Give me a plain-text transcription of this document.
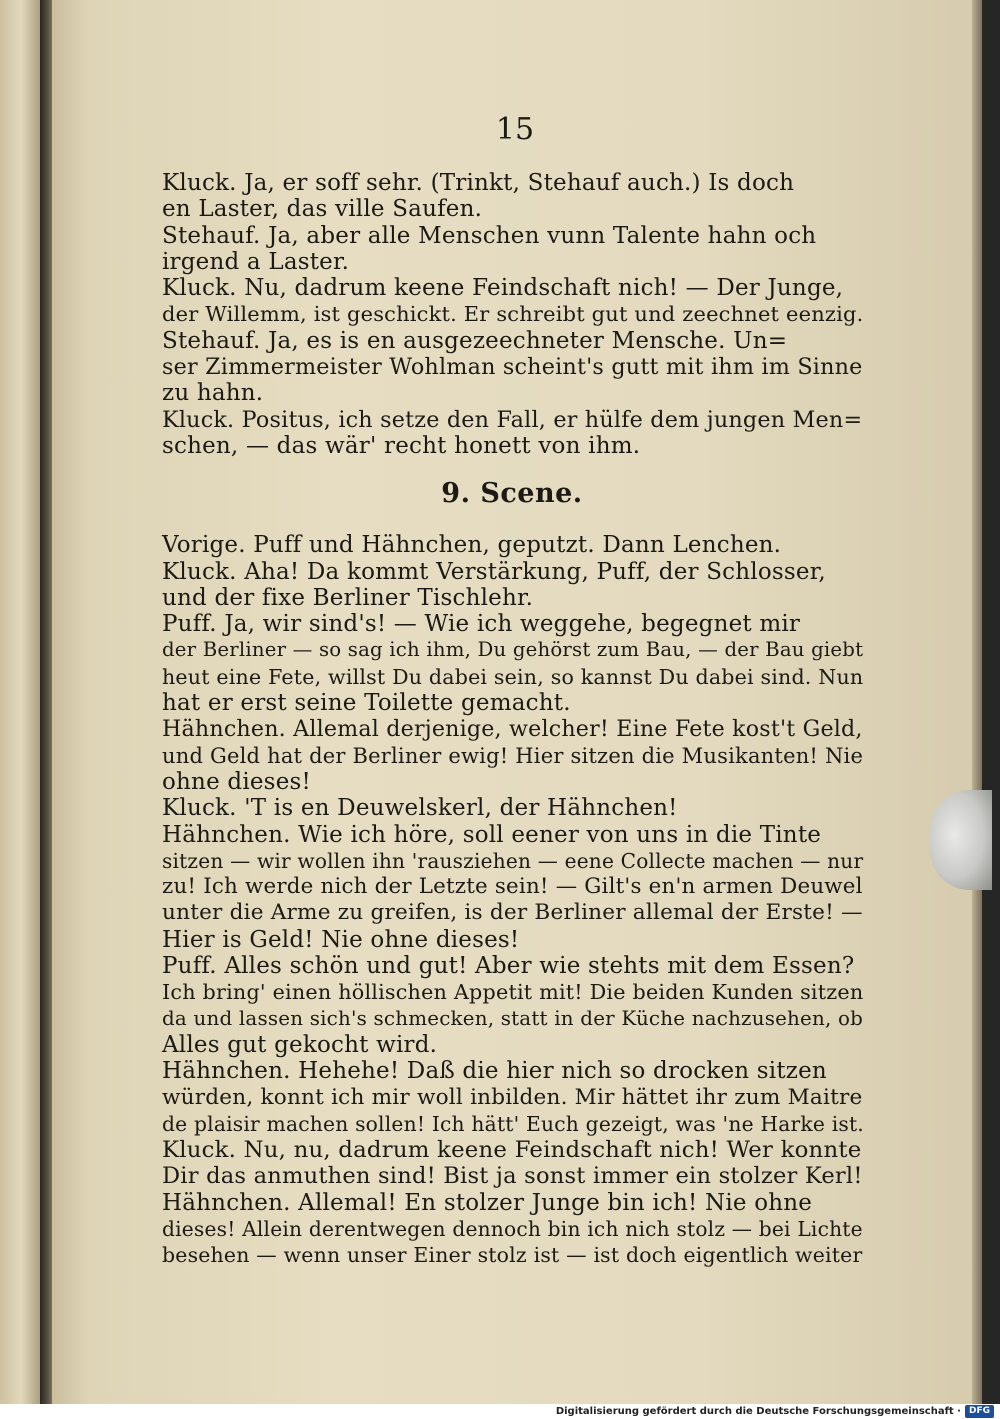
15
Kluck. Ja, er soff sehr. (Trinkt, Stehauf auch.) Is doch
en Laster, das ville Saufen.
Stehauf. Ja, aber alle Menschen vunn Talente hahn och
irgend a Laster.
Kluck. Nu, dadrum keene Feindschaft nich! — Der Junge,
der Willemm, ist geschickt. Er schreibt gut und zeechnet eenzig.
Stehauf. Ja, es is en ausgezeechneter Mensche. Un=
ser Zimmermeister Wohlman scheint's gutt mit ihm im Sinne
zu hahn.
Kluck. Positus, ich setze den Fall, er hülfe dem jungen Men=
schen, — das wär' recht honett von ihm.
9. Scene.
Vorige. Puff und Hähnchen, geputzt. Dann Lenchen.
Kluck. Aha! Da kommt Verstärkung, Puff, der Schlosser,
und der fixe Berliner Tischlehr.
Puff. Ja, wir sind's! — Wie ich weggehe, begegnet mir
der Berliner — so sag ich ihm, Du gehörst zum Bau, — der Bau giebt
heut eine Fete, willst Du dabei sein, so kannst Du dabei sind. Nun
hat er erst seine Toilette gemacht.
Hähnchen. Allemal derjenige, welcher! Eine Fete kost't Geld,
und Geld hat der Berliner ewig! Hier sitzen die Musikanten! Nie
ohne dieses!
Kluck. 'T is en Deuwelskerl, der Hähnchen!
Hähnchen. Wie ich höre, soll eener von uns in die Tinte
sitzen — wir wollen ihn 'rausziehen — eene Collecte machen — nur
zu! Ich werde nich der Letzte sein! — Gilt's en'n armen Deuwel
unter die Arme zu greifen, is der Berliner allemal der Erste! —
Hier is Geld! Nie ohne dieses!
Puff. Alles schön und gut! Aber wie stehts mit dem Essen?
Ich bring' einen höllischen Appetit mit! Die beiden Kunden sitzen
da und lassen sich's schmecken, statt in der Küche nachzusehen, ob
Alles gut gekocht wird.
Hähnchen. Hehehe! Daß die hier nich so drocken sitzen
würden, konnt ich mir woll inbilden. Mir hättet ihr zum Maitre
de plaisir machen sollen! Ich hätt' Euch gezeigt, was 'ne Harke ist.
Kluck. Nu, nu, dadrum keene Feindschaft nich! Wer konnte
Dir das anmuthen sind! Bist ja sonst immer ein stolzer Kerl!
Hähnchen. Allemal! En stolzer Junge bin ich! Nie ohne
dieses! Allein derentwegen dennoch bin ich nich stolz — bei Lichte
besehen — wenn unser Einer stolz ist — ist doch eigentlich weiter
Digitalisierung gefördert durch die Deutsche Forschungsgemeinschaft · DFG
